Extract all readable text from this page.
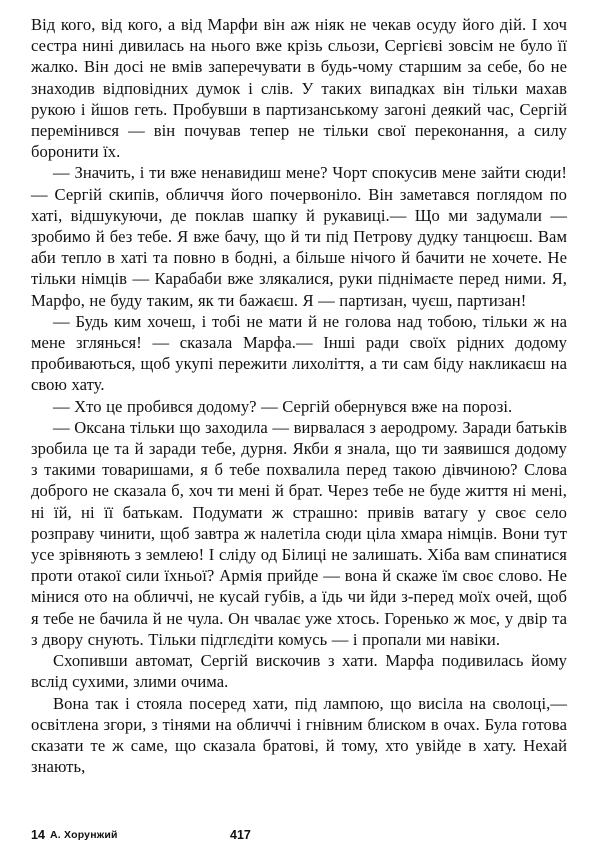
Від кого, від кого, а від Марфи він аж ніяк не чекав осуду його дій. І хоч сестра нині дивилась на нього вже крізь сльози, Сергієві зовсім не було її жалко. Він досі не вмів заперечувати в будь-чому старшим за себе, бо не знаходив відповідних думок і слів. У таких випадках він тільки махав рукою і йшов геть. Пробувши в партизанському загоні деякий час, Сергій перемінився — він почував тепер не тільки свої переконання, а силу боронити їх.

— Значить, і ти вже ненавидиш мене? Чорт спокусив мене зайти сюди! — Сергій скипів, обличчя його почервоніло. Він заметався поглядом по хаті, відшукуючи, де поклав шапку й рукавиці.— Що ми задумали — зробимо й без тебе. Я вже бачу, що й ти під Петрову дудку танцюєш. Вам аби тепло в хаті та повно в бодні, а більше нічого й бачити не хочете. Не тільки німців — Карабаби вже злякалися, руки піднімаєте перед ними. Я, Марфо, не буду таким, як ти бажаєш. Я — партизан, чуєш, партизан!

— Будь ким хочеш, і тобі не мати й не голова над тобою, тільки ж на мене зглянься! — сказала Марфа.— Інші ради своїх рідних додому пробиваються, щоб укупі пережити лихоліття, а ти сам біду накликаєш на свою хату.

— Хто це пробився додому? — Сергій обернувся вже на порозі.

— Оксана тільки що заходила — вирвалася з аеродрому. Заради батьків зробила це та й заради тебе, дурня. Якби я знала, що ти заявишся додому з такими товаришами, я б тебе похвалила перед такою дівчиною? Слова доброго не сказала б, хоч ти мені й брат. Через тебе не буде життя ні мені, ні їй, ні її батькам. Подумати ж страшно: привів ватагу у своє село розправу чинити, щоб завтра ж налетіла сюди ціла хмара німців. Вони тут усе зрівняють з землею! І сліду од Білиці не залишать. Хіба вам спинатися проти отакої сили їхньої? Армія прийде — вона й скаже їм своє слово. Не мінися ото на обличчі, не кусай губів, а їдь чи йди з-перед моїх очей, щоб я тебе не бачила й не чула. Он чвалає уже хтось. Горенько ж моє, у двір та з двору снують. Тільки підглєдіти комусь — і пропали ми навіки.

Схопивши автомат, Сергій вискочив з хати. Марфа подивилась йому вслід сухими, злими очима.

Вона так і стояла посеред хати, під лампою, що висіла на сволоці,— освітлена згори, з тінями на обличчі і гнівним блиском в очах. Була готова сказати те ж саме, що сказала братові, й тому, хто увійде в хату. Нехай знають,

14 А. Хорунжий	417
